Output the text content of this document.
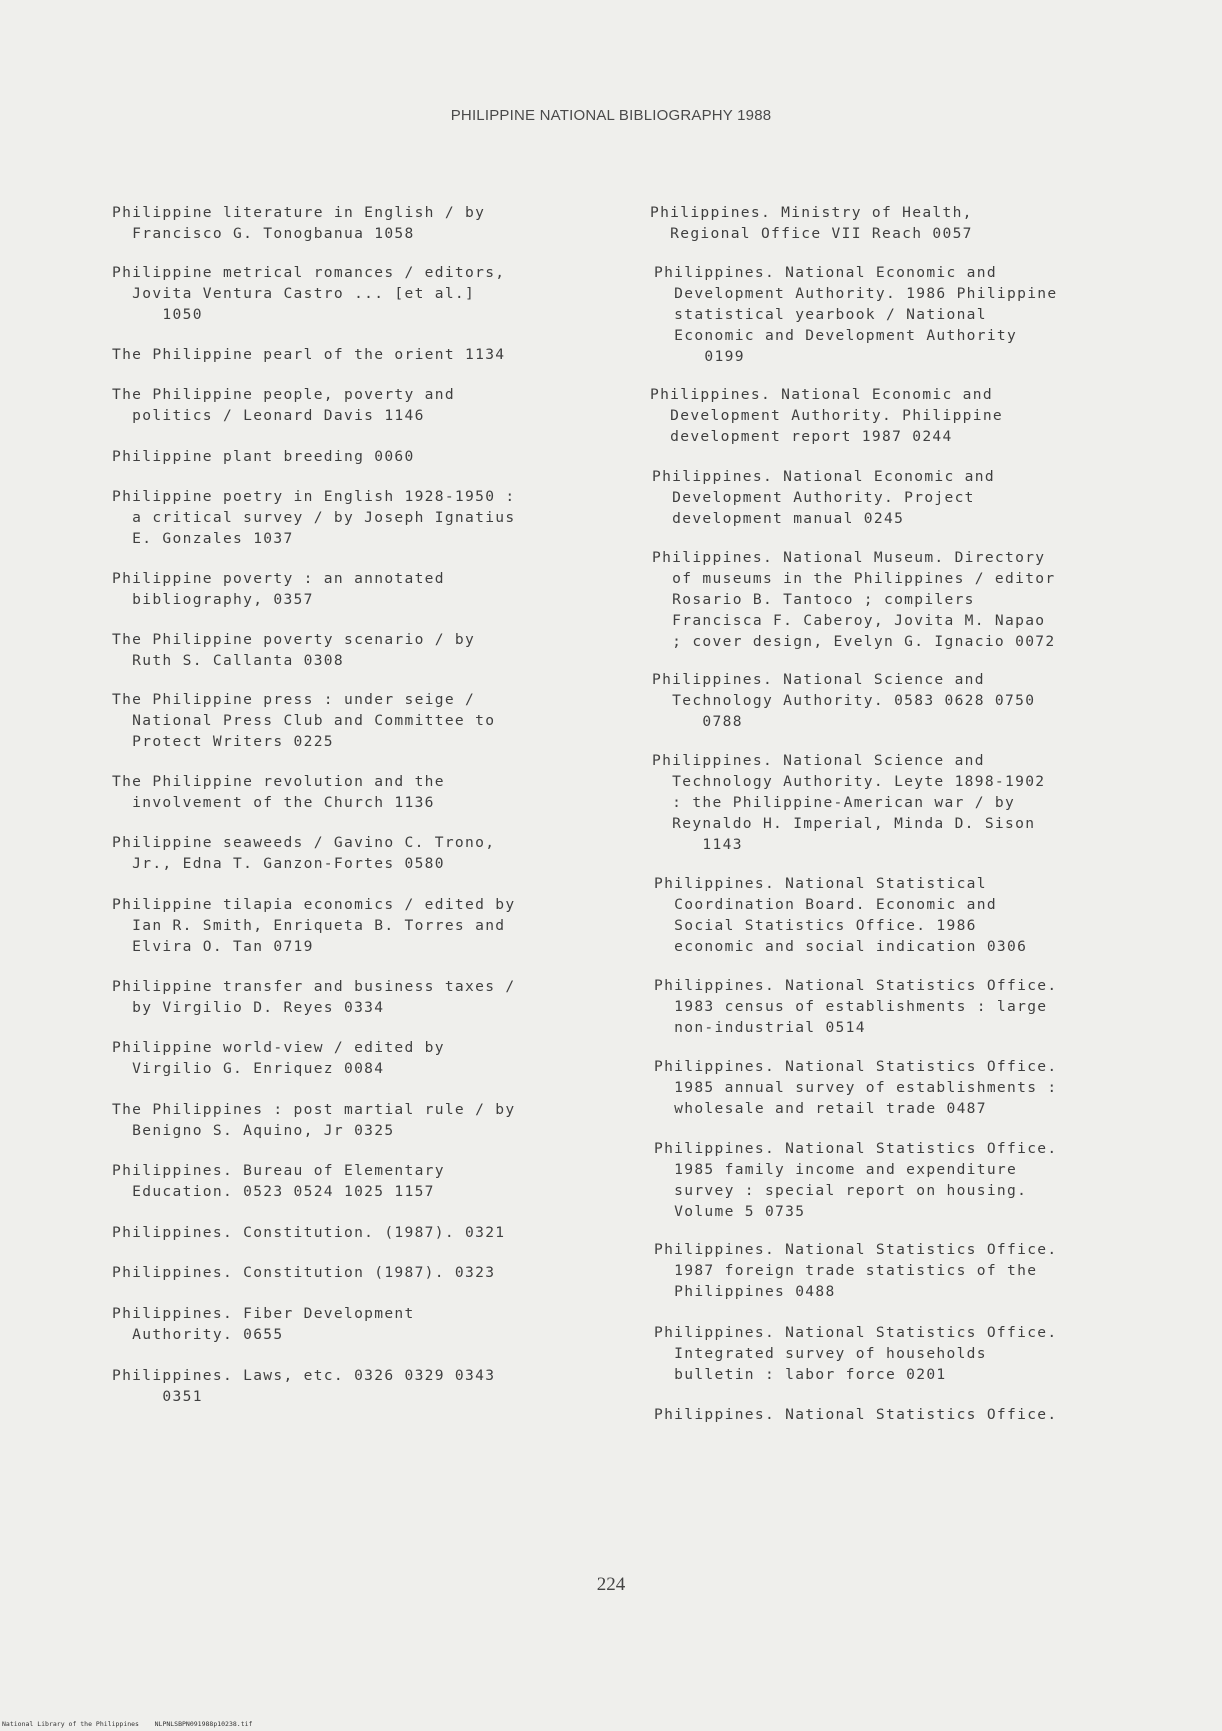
PHILIPPINE NATIONAL BIBLIOGRAPHY 1988
Philippine literature in English / by
Francisco G. Tonogbanua 1058
Philippine metrical romances / editors,
Jovita Ventura Castro ... [et al.]
1050
The Philippine pearl of the orient 1134
The Philippine people, poverty and
politics / Leonard Davis 1146
Philippine plant breeding 0060
Philippine poetry in English 1928-1950 :
a critical survey / by Joseph Ignatius
E. Gonzales 1037
Philippine poverty : an annotated
bibliography, 0357
The Philippine poverty scenario / by
Ruth S. Callanta 0308
The Philippine press : under seige /
National Press Club and Committee to
Protect Writers 0225
The Philippine revolution and the
involvement of the Church 1136
Philippine seaweeds / Gavino C. Trono,
Jr., Edna T. Ganzon-Fortes 0580
Philippine tilapia economics / edited by
Ian R. Smith, Enriqueta B. Torres and
Elvira O. Tan 0719
Philippine transfer and business taxes /
by Virgilio D. Reyes 0334
Philippine world-view / edited by
Virgilio G. Enriquez 0084
The Philippines : post martial rule / by
Benigno S. Aquino, Jr 0325
Philippines. Bureau of Elementary
Education. 0523 0524 1025 1157
Philippines. Constitution. (1987). 0321
Philippines. Constitution (1987). 0323
Philippines. Fiber Development
Authority. 0655
Philippines. Laws, etc. 0326 0329 0343
0351
Philippines. Ministry of Health,
Regional Office VII Reach 0057
Philippines. National Economic and
Development Authority. 1986 Philippine
statistical yearbook / National
Economic and Development Authority
0199
Philippines. National Economic and
Development Authority. Philippine
development report 1987 0244
Philippines. National Economic and
Development Authority. Project
development manual 0245
Philippines. National Museum. Directory
of museums in the Philippines / editor
Rosario B. Tantoco ; compilers
Francisca F. Caberoy, Jovita M. Napao
; cover design, Evelyn G. Ignacio 0072
Philippines. National Science and
Technology Authority. 0583 0628 0750
0788
Philippines. National Science and
Technology Authority. Leyte 1898-1902
: the Philippine-American war / by
Reynaldo H. Imperial, Minda D. Sison
1143
Philippines. National Statistical
Coordination Board. Economic and
Social Statistics Office. 1986
economic and social indication 0306
Philippines. National Statistics Office.
1983 census of establishments : large
non-industrial 0514
Philippines. National Statistics Office.
1985 annual survey of establishments :
wholesale and retail trade 0487
Philippines. National Statistics Office.
1985 family income and expenditure
survey : special report on housing.
Volume 5 0735
Philippines. National Statistics Office.
1987 foreign trade statistics of the
Philippines 0488
Philippines. National Statistics Office.
Integrated survey of households
bulletin : labor force 0201
Philippines. National Statistics Office.
224
National Library of the Philippines    NLPNLSBPN091988p10238.tif
